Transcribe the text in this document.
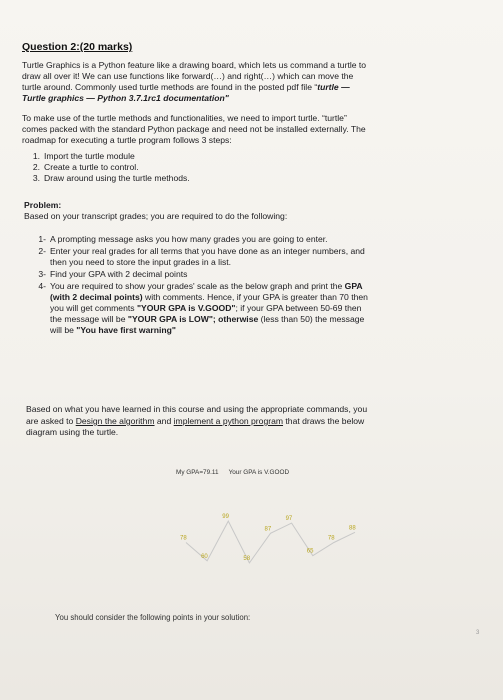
Question 2:(20 marks)

Turtle Graphics is a Python feature like a drawing board, which lets us command a turtle to

draw all over it! We can use functions like forward(…) and right(…) which can move the

turtle around. Commonly used turtle methods are found in the posted pdf file “turtle —

Turtle graphics — Python 3.7.1rc1 documentation"

To make use of the turtle methods and functionalities, we need to import turtle. “turtle”

comes packed with the standard Python package and need not be installed externally. The

roadmap for executing a turtle program follows 3 steps:

1. Import the turtle module
2. Create a turtle to control.
3. Draw around using the turtle methods.

Problem:

Based on your transcript grades; you are required to do the following:

1- A prompting message asks you how many grades you are going to enter.
2- Enter your real grades for all terms that you have done as an integer numbers, and

then you need to store the input grades in a list.

3- Find your GPA with 2 decimal points
4- You are required to show your grades' scale as the below graph and print the GPA

(with 2 decimal points) with comments. Hence, if your GPA is greater than 70 then

you will get comments "YOUR GPA is V.GOOD"; if your GPA between 50-69 then

the message will be "YOUR GPA is LOW"; otherwise (less than 50) the message

will be "You have first warning"

Based on what you have learned in this course and using the appropriate commands, you

are asked to Design the algorithm and implement a python program that draws the below

diagram using the turtle.

My GPA=79.11 Your GPA is V.GOOD
78
60
99
58
87
97
65
78
88

You should consider the following points in your solution:

3
